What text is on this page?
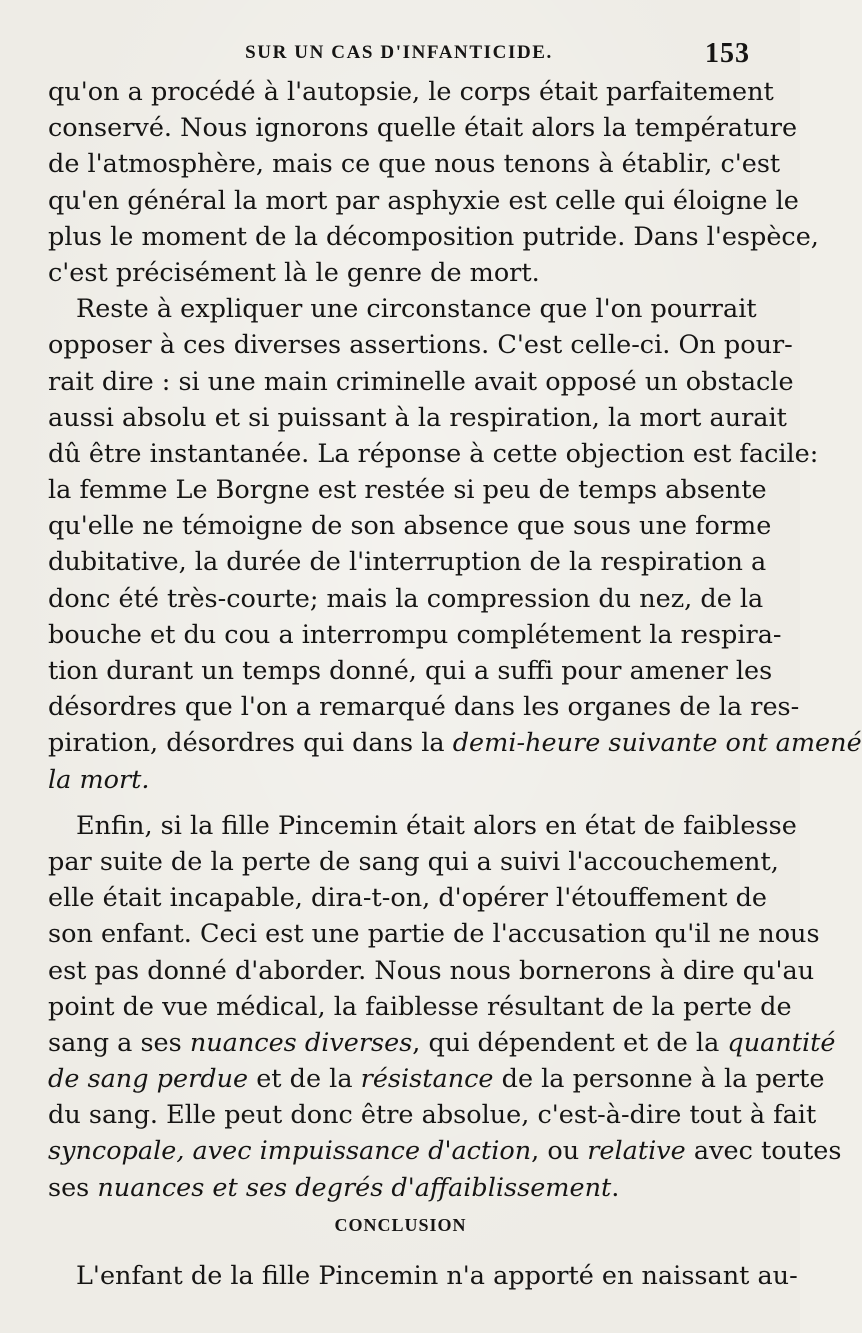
SUR UN CAS D'INFANTICIDE.	153
qu'on a procédé à l'autopsie, le corps était parfaitement
conservé. Nous ignorons quelle était alors la température
de l'atmosphère, mais ce que nous tenons à établir, c'est
qu'en général la mort par asphyxie est celle qui éloigne le
plus le moment de la décomposition putride. Dans l'espèce,
c'est précisément là le genre de mort.
Reste à expliquer une circonstance que l'on pourrait
opposer à ces diverses assertions. C'est celle-ci. On pour-
rait dire : si une main criminelle avait opposé un obstacle
aussi absolu et si puissant à la respiration, la mort aurait
dû être instantanée. La réponse à cette objection est facile:
la femme Le Borgne est restée si peu de temps absente
qu'elle ne témoigne de son absence que sous une forme
dubitative, la durée de l'interruption de la respiration a
donc été très-courte; mais la compression du nez, de la
bouche et du cou a interrompu complétement la respira-
tion durant un temps donné, qui a suffi pour amener les
désordres que l'on a remarqué dans les organes de la res-
piration, désordres qui dans la demi-heure suivante ont amené
la mort.
Enfin, si la fille Pincemin était alors en état de faiblesse
par suite de la perte de sang qui a suivi l'accouchement,
elle était incapable, dira-t-on, d'opérer l'étouffement de
son enfant. Ceci est une partie de l'accusation qu'il ne nous
est pas donné d'aborder. Nous nous bornerons à dire qu'au
point de vue médical, la faiblesse résultant de la perte de
sang a ses nuances diverses, qui dépendent et de la quantité
de sang perdue et de la résistance de la personne à la perte
du sang. Elle peut donc être absolue, c'est-à-dire tout à fait
syncopale, avec impuissance d'action, ou relative avec toutes
ses nuances et ses degrés d'affaiblissement.
CONCLUSION
L'enfant de la fille Pincemin n'a apporté en naissant au-
